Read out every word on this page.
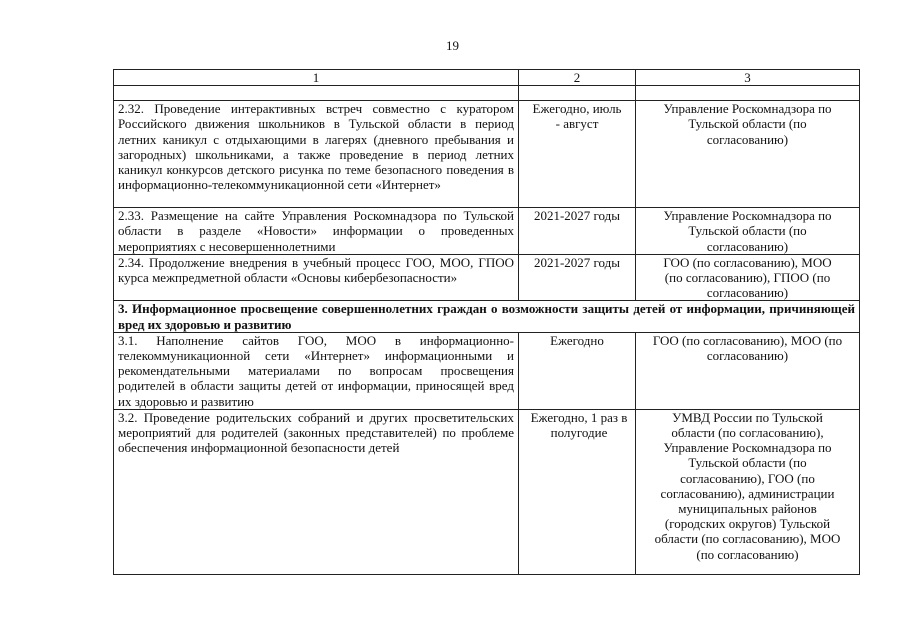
19
1	2	3

2.32. Проведение интерактивных встреч совместно с куратором Российского движения школьников в Тульской области в период летних каникул с отдыхающими в лагерях (дневного пребывания и загородных) школьниками, а также проведение в период летних каникул конкурсов детского рисунка по теме безопасного поведения в информационно-телекоммуникационной сети «Интернет»	Ежегодно, июль - август	Управление Роскомнадзора по Тульской области (по согласованию)

2.33. Размещение на сайте Управления Роскомнадзора по Тульской области в разделе «Новости» информации о проведенных мероприятиях с несовершеннолетними	2021-2027 годы	Управление Роскомнадзора по Тульской области (по согласованию)

2.34. Продолжение внедрения в учебный процесс ГОО, МОО, ГПОО курса межпредметной области «Основы кибербезопасности»	2021-2027 годы	ГОО (по согласованию), МОО (по согласованию), ГПОО (по согласованию)

3. Информационное просвещение совершеннолетних граждан о возможности защиты детей от информации, причиняющей вред их здоровью и развитию		
3.1. Наполнение сайтов ГОО, МОО в информационно-телекоммуникационной сети «Интернет» информационными и рекомендательными материалами по вопросам просвещения родителей в области защиты детей от информации, приносящей вред их здоровью и развитию	Ежегодно	ГОО (по согласованию), МОО (по согласованию)

3.2. Проведение родительских собраний и других просветительских мероприятий для родителей (законных представителей) по проблеме обеспечения информационной безопасности детей	Ежегодно, 1 раз в полугодие	УМВД России по Тульской области (по согласованию), Управление Роскомнадзора по Тульской области (по согласованию), ГОО (по согласованию), администрации муниципальных районов (городских округов) Тульской области (по согласованию), МОО (по согласованию)
